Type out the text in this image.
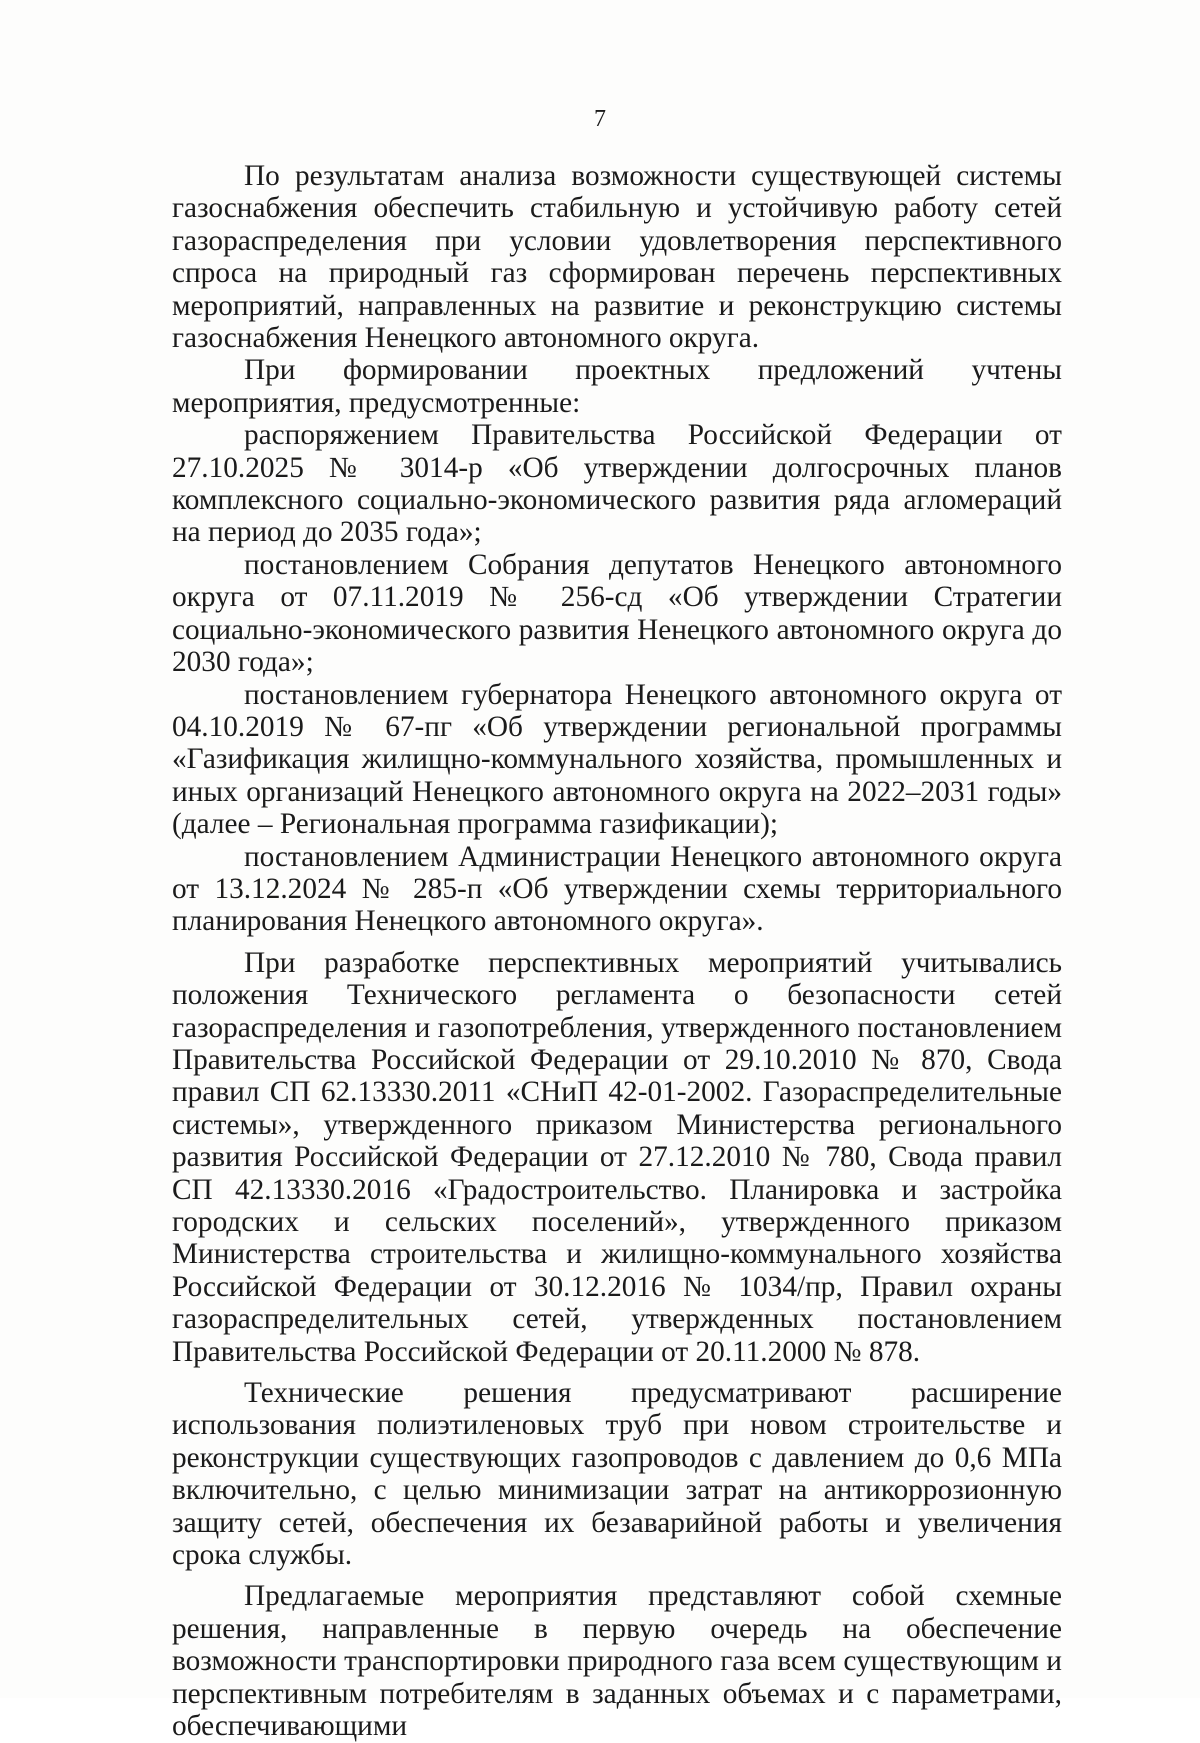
7

По результатам анализа возможности существующей системы газоснабжения обеспечить стабильную и устойчивую работу сетей газораспределения при условии удовлетворения перспективного спроса на природный газ сформирован перечень перспективных мероприятий, направленных на развитие и реконструкцию системы газоснабжения Ненецкого автономного округа.

При формировании проектных предложений учтены мероприятия, предусмотренные:

распоряжением Правительства Российской Федерации от 27.10.2025 № 3014-р «Об утверждении долгосрочных планов комплексного социально-экономического развития ряда агломераций на период до 2035 года»;

постановлением Собрания депутатов Ненецкого автономного округа от 07.11.2019 № 256-сд «Об утверждении Стратегии социально-экономического развития Ненецкого автономного округа до 2030 года»;

постановлением губернатора Ненецкого автономного округа от 04.10.2019 № 67-пг «Об утверждении региональной программы «Газификация жилищно-коммунального хозяйства, промышленных и иных организаций Ненецкого автономного округа на 2022–2031 годы» (далее – Региональная программа газификации);

постановлением Администрации Ненецкого автономного округа от 13.12.2024 № 285-п «Об утверждении схемы территориального планирования Ненецкого автономного округа».

При разработке перспективных мероприятий учитывались положения Технического регламента о безопасности сетей газораспределения и газопотребления, утвержденного постановлением Правительства Российской Федерации от 29.10.2010 № 870, Свода правил СП 62.13330.2011 «СНиП 42-01-2002. Газораспределительные системы», утвержденного приказом Министерства регионального развития Российской Федерации от 27.12.2010 № 780, Свода правил СП 42.13330.2016 «Градостроительство. Планировка и застройка городских и сельских поселений», утвержденного приказом Министерства строительства и жилищно-коммунального хозяйства Российской Федерации от 30.12.2016 № 1034/пр, Правил охраны газораспределительных сетей, утвержденных постановлением Правительства Российской Федерации от 20.11.2000 № 878.

Технические решения предусматривают расширение использования полиэтиленовых труб при новом строительстве и реконструкции существующих газопроводов с давлением до 0,6 МПа включительно, с целью минимизации затрат на антикоррозионную защиту сетей, обеспечения их безаварийной работы и увеличения срока службы.

Предлагаемые мероприятия представляют собой схемные решения, направленные в первую очередь на обеспечение возможности транспортировки природного газа всем существующим и перспективным потребителям в заданных объемах и с параметрами, обеспечивающими
